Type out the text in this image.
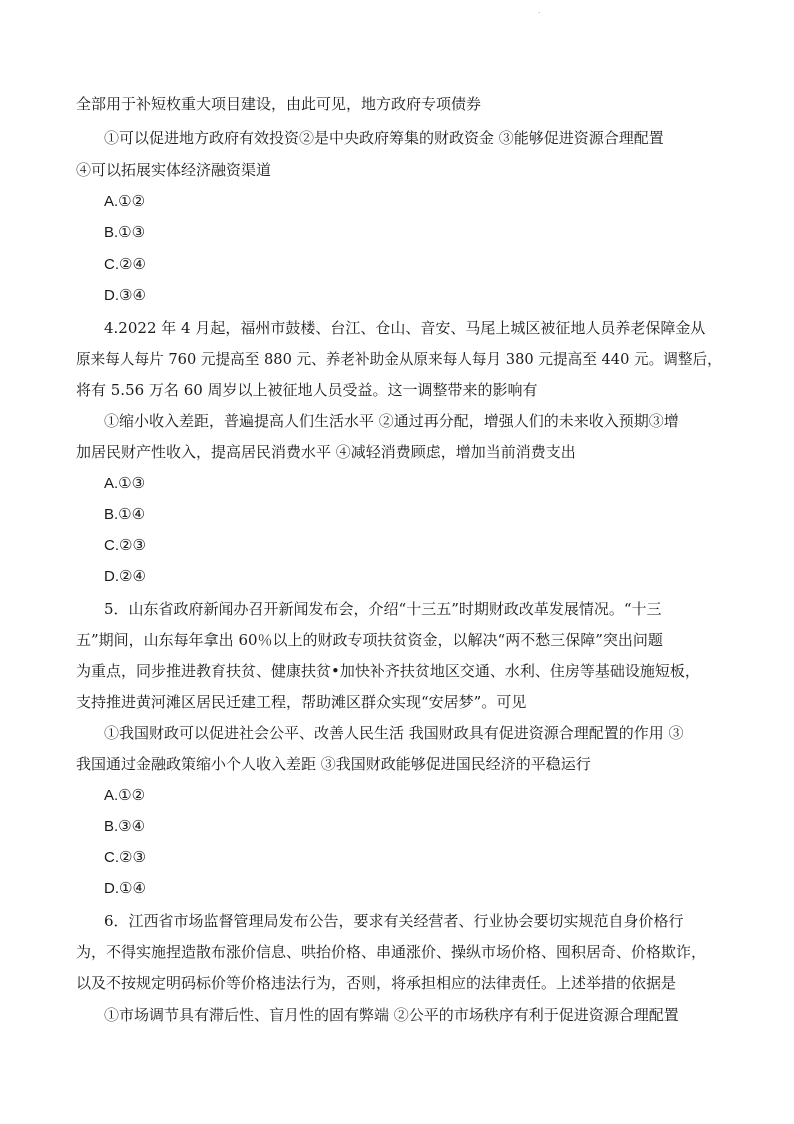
.
全部用于补短枚重大项目建设，由此可见，地方政府专项债券
①可以促进地方政府有效投资②是中央政府筹集的财政资金 ③能够促进资源合理配置
④可以拓展实体经济融资渠道
A.①②
B.①③
C.②④
D.③④
4.2022 年 4 月起，福州市鼓楼、台江、仓山、音安、马尾上城区被征地人员养老保障金从
原来每人每片 760 元提高至 880 元、养老补助金从原来每人每月 380 元提高至 440 元。调整后，
将有 5.56 万名 60 周岁以上被征地人员受益。这一调整带来的影响有
①缩小收入差距，普遍提高人们生活水平 ②通过再分配，增强人们的未来收入预期③增
加居民财产性收入，提高居民消费水平 ④减轻消费顾虑，增加当前消费支出
A.①③
B.①④
C.②③
D.②④
5．山东省政府新闻办召开新闻发布会，介绍“十三五”时期财政改革发展情况。“十三
五”期间，山东每年拿出 60％以上的财政专项扶贫资金，以解决“两不愁三保障”突出问题
为重点，同步推进教育扶贫、健康扶贫•加快补齐扶贫地区交通、水利、住房等基础设施短板，
支持推进黄河滩区居民迁建工程，帮助滩区群众实现“安居梦”。可见
①我国财政可以促进社会公平、改善人民生活 我国财政具有促进资源合理配置的作用 ③
我国通过金融政策缩小个人收入差距 ③我国财政能够促进国民经济的平稳运行
A.①②
B.③④
C.②③
D.①④
6．江西省市场监督管理局发布公告，要求有关经营者、行业协会要切实规范自身价格行
为，不得实施捏造散布涨价信息、哄抬价格、串通涨价、操纵市场价格、囤积居奇、价格欺诈，
以及不按规定明码标价等价格违法行为，否则，将承担相应的法律责任。上述举措的依据是
①市场调节具有滞后性、盲月性的固有弊端 ②公平的市场秩序有利于促进资源合理配置
